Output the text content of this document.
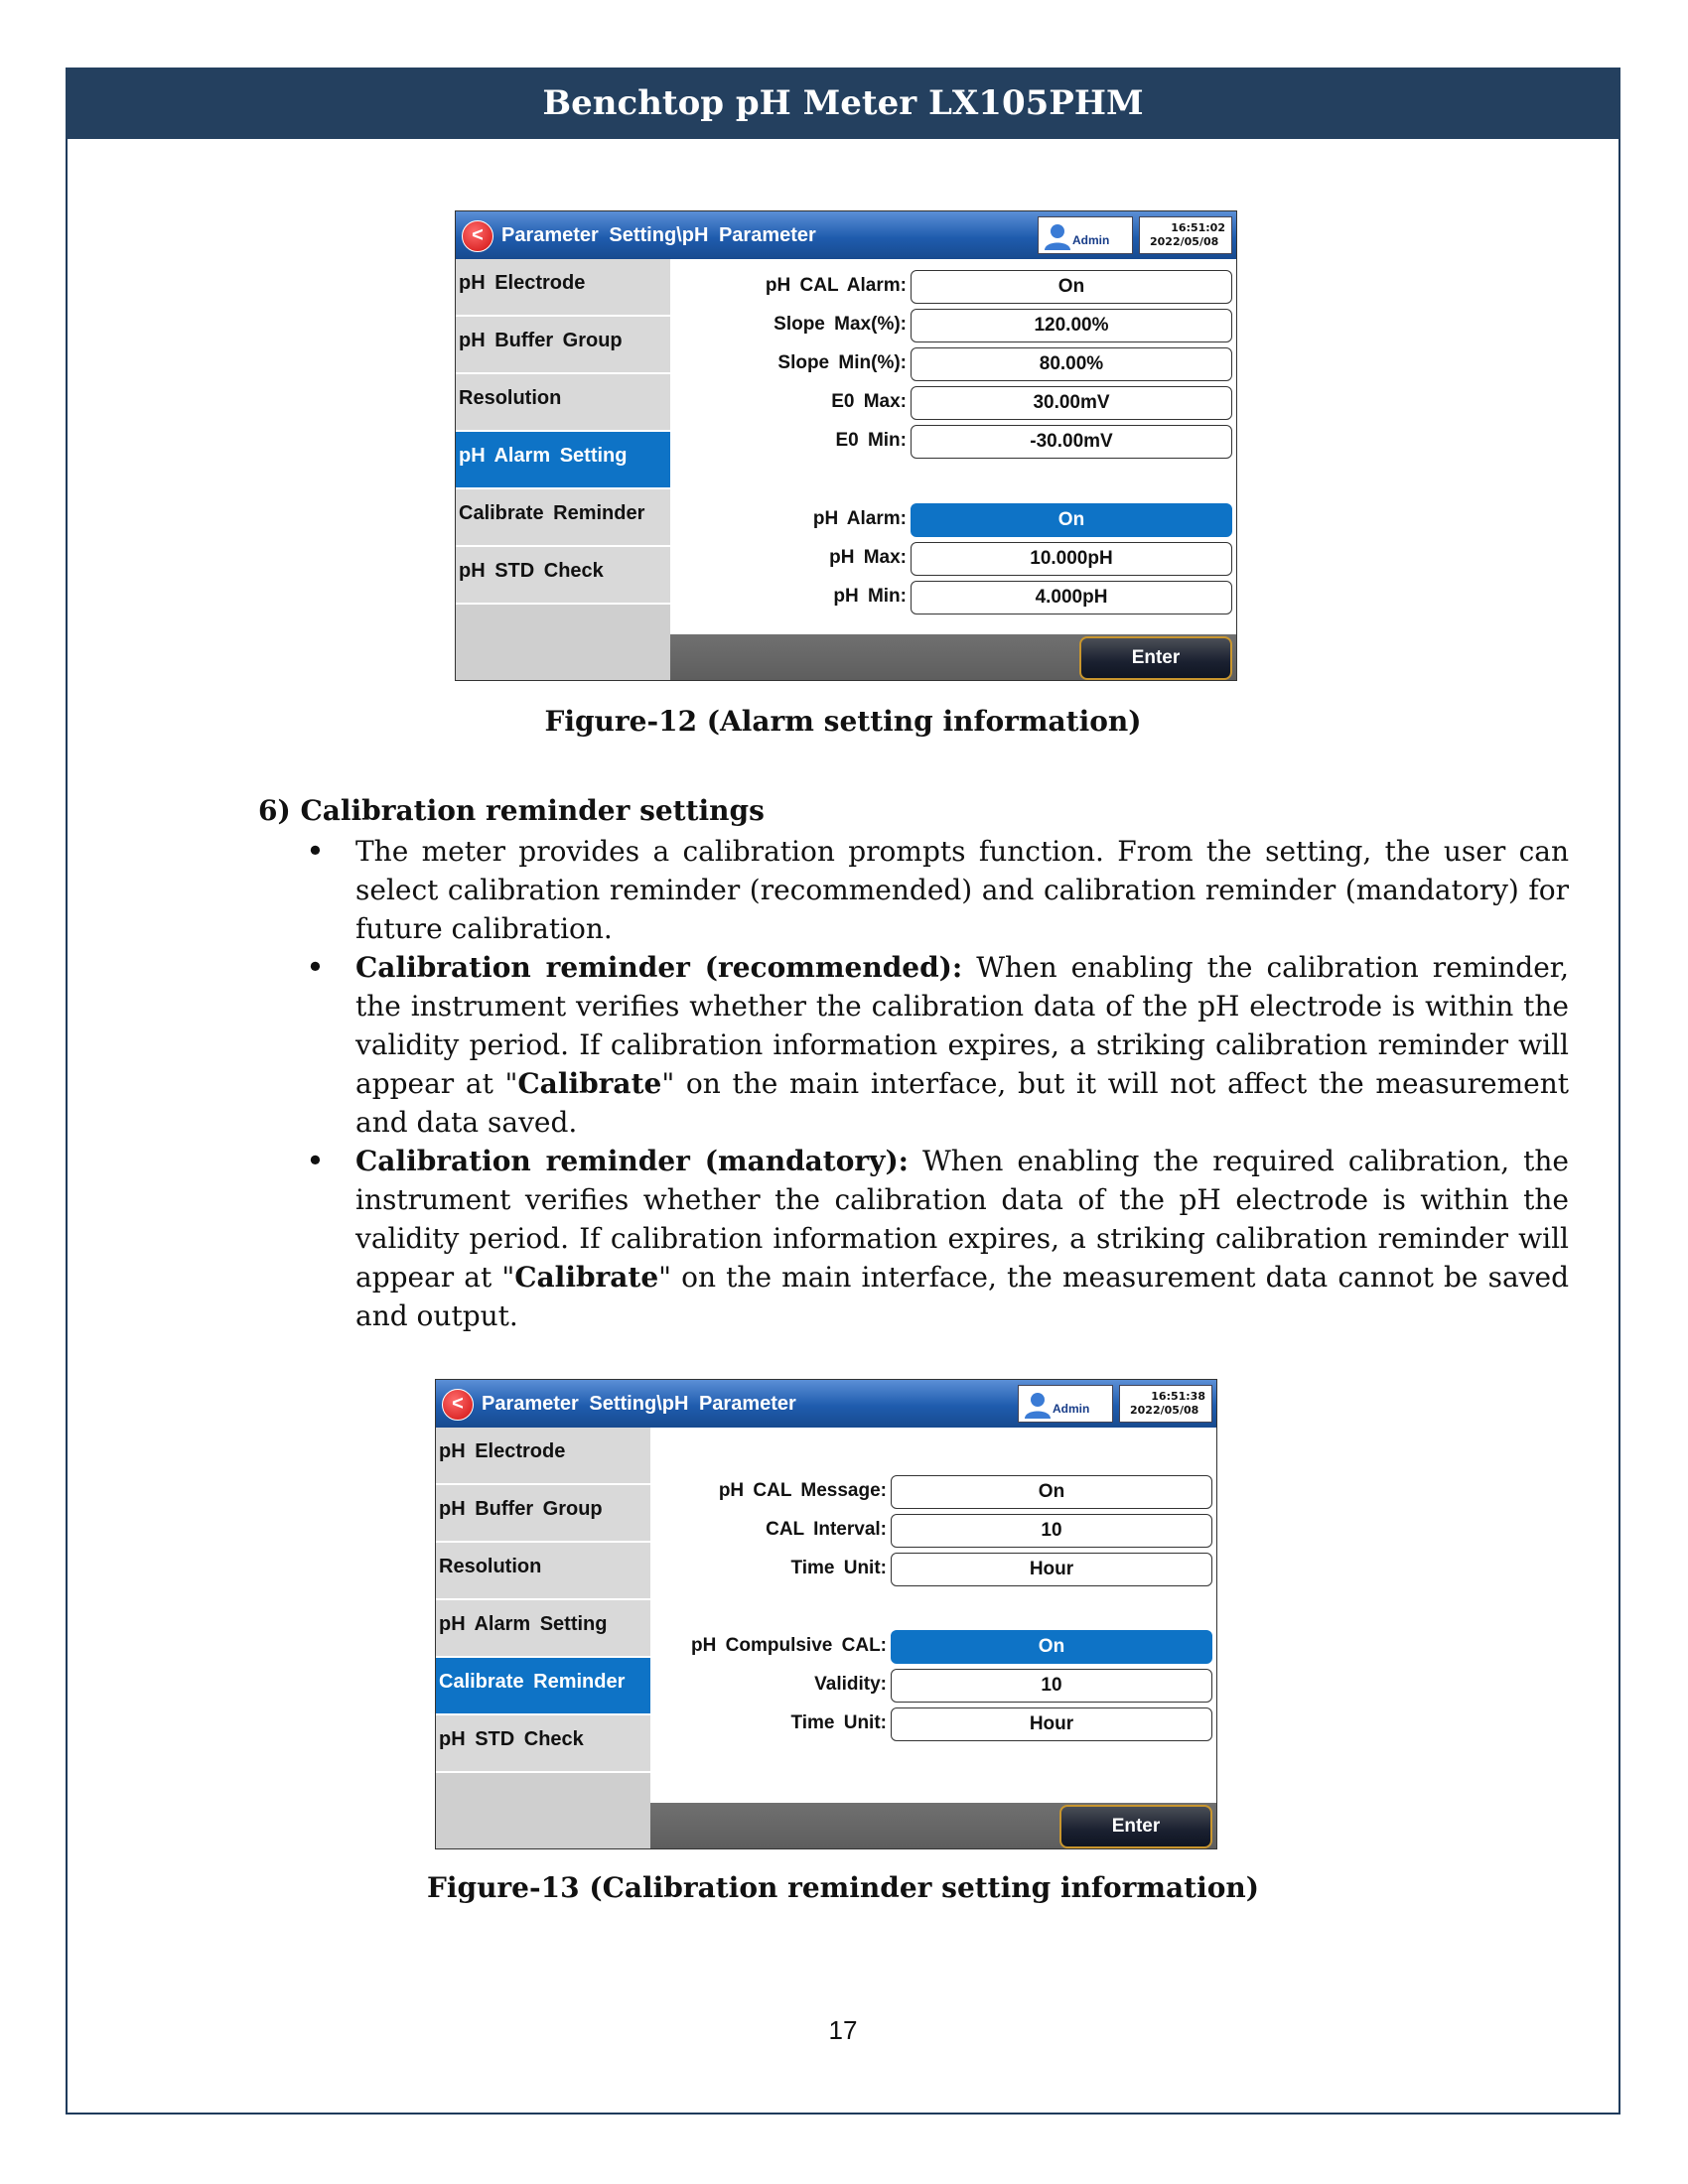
Benchtop pH Meter LX105PHM
< Parameter Setting\pH Parameter	Admin
16:51:02
2022/05/08
pH Electrode
pH Buffer Group
Resolution
pH Alarm Setting
Calibrate Reminder
pH STD Check
pH CAL Alarm:	On
Slope Max(%):	120.00%
Slope Min(%):	80.00%
E0 Max:	30.00mV
E0 Min:	-30.00mV
pH Alarm:	On
pH Max:	10.000pH
pH Min:	4.000pH
Enter
Figure-12 (Alarm setting information)
6) Calibration reminder settings
• The meter provides a calibration prompts function. From the setting, the user can select calibration reminder (recommended) and calibration reminder (mandatory) for future calibration.
• Calibration reminder (recommended): When enabling the calibration reminder, the instrument verifies whether the calibration data of the pH electrode is within the validity period. If calibration information expires, a striking calibration reminder will appear at "Calibrate" on the main interface, but it will not affect the measurement and data saved.
• Calibration reminder (mandatory): When enabling the required calibration, the instrument verifies whether the calibration data of the pH electrode is within the validity period. If calibration information expires, a striking calibration reminder will appear at "Calibrate" on the main interface, the measurement data cannot be saved and output.
< Parameter Setting\pH Parameter	Admin
16:51:38
2022/05/08
pH Electrode
pH Buffer Group
Resolution
pH Alarm Setting
Calibrate Reminder
pH STD Check
pH CAL Message:	On
CAL Interval:	10
Time Unit:	Hour
pH Compulsive CAL:	On
Validity:	10
Time Unit:	Hour
Enter
Figure-13 (Calibration reminder setting information)
17
